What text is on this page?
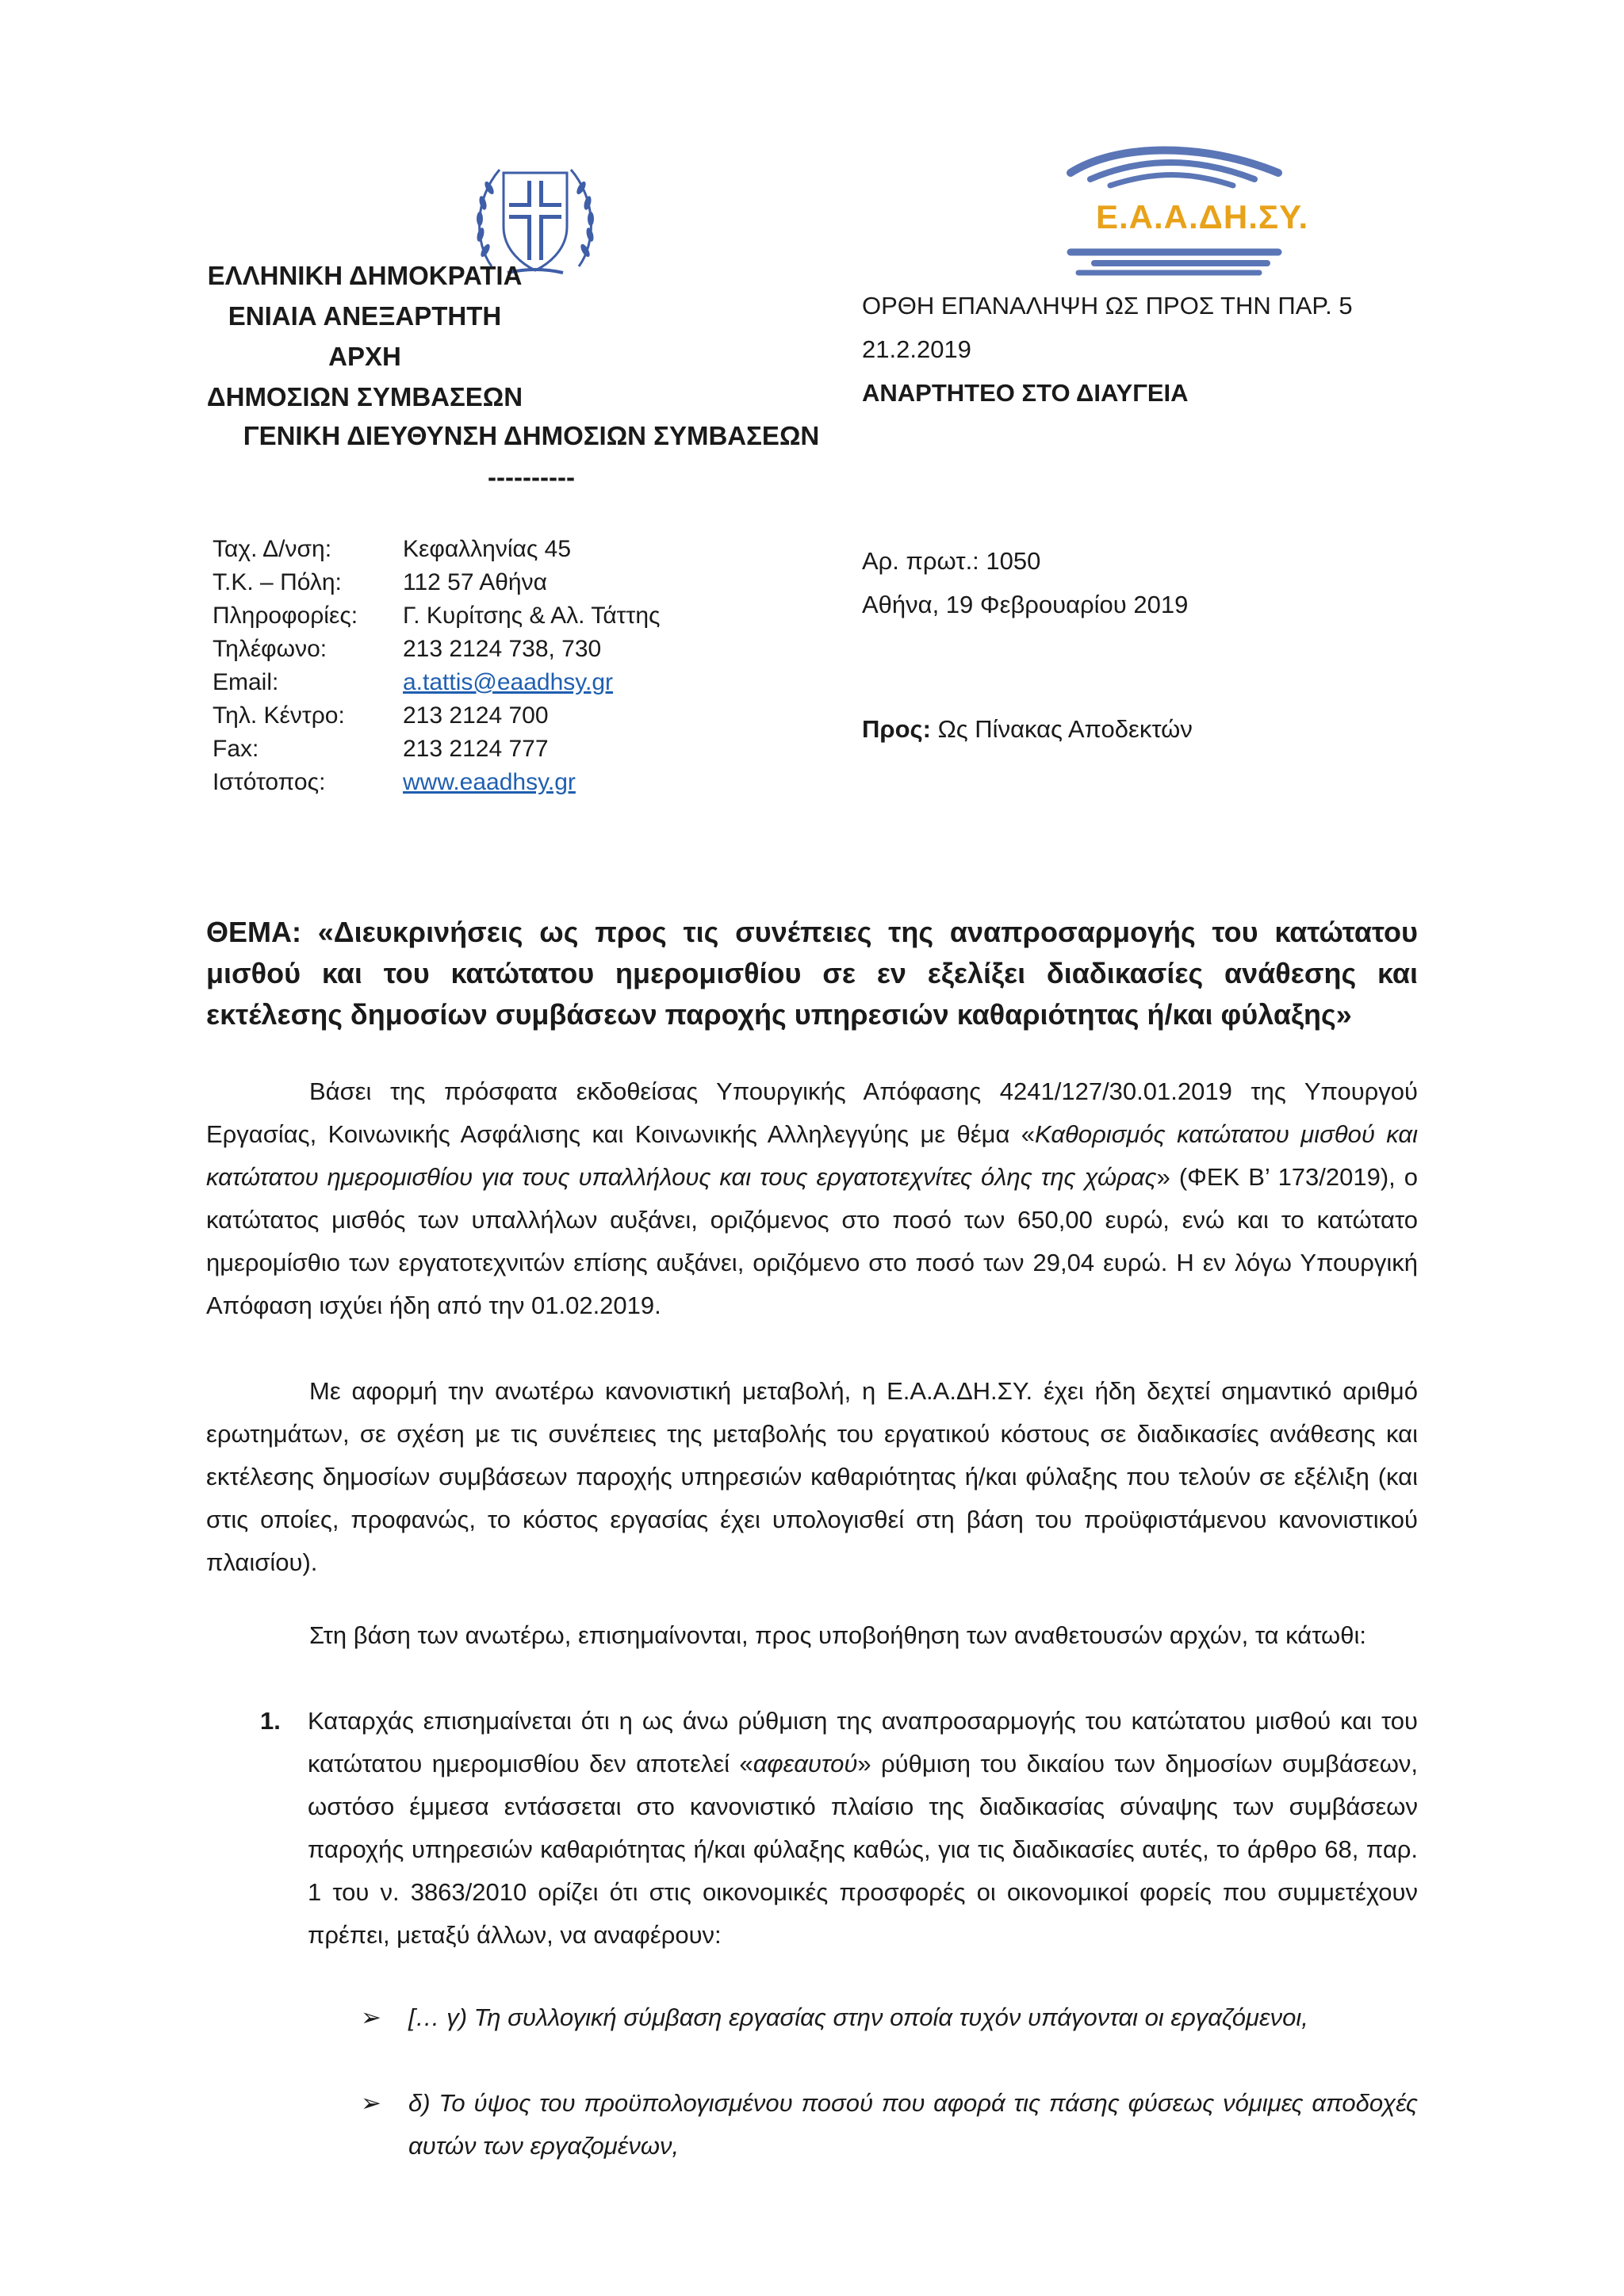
ΕΛΛΗΝΙΚΗ ΔΗΜΟΚΡΑΤΙΑ
ΕΝΙΑΙΑ ΑΝΕΞΑΡΤΗΤΗ ΑΡΧΗ
ΔΗΜΟΣΙΩΝ ΣΥΜΒΑΣΕΩΝ
ΓΕΝΙΚΗ ΔΙΕΥΘΥΝΣΗ ΔΗΜΟΣΙΩΝ ΣΥΜΒΑΣΕΩΝ
----------
Ε.Α.Α.ΔΗ.ΣΥ.
ΟΡΘΗ ΕΠΑΝΑΛΗΨΗ ΩΣ ΠΡΟΣ ΤΗΝ ΠΑΡ. 5
21.2.2019
ΑΝΑΡΤΗΤΕΟ ΣΤΟ ΔΙΑΥΓΕΙΑ
Αρ. πρωτ.: 1050
Αθήνα, 19 Φεβρουαρίου 2019
Προς: Ως Πίνακας Αποδεκτών
Ταχ. Δ/νση:	Κεφαλληνίας 45
Τ.Κ. – Πόλη:	112 57 Αθήνα
Πληροφορίες:	Γ. Κυρίτσης & Αλ. Τάττης
Τηλέφωνο:	213 2124 738, 730
Email:	a.tattis@eaadhsy.gr
Τηλ. Κέντρο:	213 2124 700
Fax:	213 2124 777
Ιστότοπος:	www.eaadhsy.gr
ΘΕΜΑ: «Διευκρινήσεις ως προς τις συνέπειες της αναπροσαρμογής του κατώτατου μισθού και του κατώτατου ημερομισθίου σε εν εξελίξει διαδικασίες ανάθεσης και εκτέλεσης δημοσίων συμβάσεων παροχής υπηρεσιών καθαριότητας ή/και φύλαξης»

Βάσει της πρόσφατα εκδοθείσας Υπουργικής Απόφασης 4241/127/30.01.2019 της Υπουργού Εργασίας, Κοινωνικής Ασφάλισης και Κοινωνικής Αλληλεγγύης με θέμα «Καθορισμός κατώτατου μισθού και κατώτατου ημερομισθίου για τους υπαλλήλους και τους εργατοτεχνίτες όλης της χώρας» (ΦΕΚ Β’ 173/2019), ο κατώτατος μισθός των υπαλλήλων αυξάνει, οριζόμενος στο ποσό των 650,00 ευρώ, ενώ και το κατώτατο ημερομίσθιο των εργατοτεχνιτών επίσης αυξάνει, οριζόμενο στο ποσό των 29,04 ευρώ. Η εν λόγω Υπουργική Απόφαση ισχύει ήδη από την 01.02.2019.

Με αφορμή την ανωτέρω κανονιστική μεταβολή, η Ε.Α.Α.ΔΗ.ΣΥ. έχει ήδη δεχτεί σημαντικό αριθμό ερωτημάτων, σε σχέση με τις συνέπειες της μεταβολής του εργατικού κόστους σε διαδικασίες ανάθεσης και εκτέλεσης δημοσίων συμβάσεων παροχής υπηρεσιών καθαριότητας ή/και φύλαξης που τελούν σε εξέλιξη (και στις οποίες, προφανώς, το κόστος εργασίας έχει υπολογισθεί στη βάση του προϋφιστάμενου κανονιστικού πλαισίου).

Στη βάση των ανωτέρω, επισημαίνονται, προς υποβοήθηση των αναθετουσών αρχών, τα κάτωθι:

1. Καταρχάς επισημαίνεται ότι η ως άνω ρύθμιση της αναπροσαρμογής του κατώτατου μισθού και του κατώτατου ημερομισθίου δεν αποτελεί «αφεαυτού» ρύθμιση του δικαίου των δημοσίων συμβάσεων, ωστόσο έμμεσα εντάσσεται στο κανονιστικό πλαίσιο της διαδικασίας σύναψης των συμβάσεων παροχής υπηρεσιών καθαριότητας ή/και φύλαξης καθώς, για τις διαδικασίες αυτές, το άρθρο 68, παρ. 1 του ν. 3863/2010 ορίζει ότι στις οικονομικές προσφορές οι οικονομικοί φορείς που συμμετέχουν πρέπει, μεταξύ άλλων, να αναφέρουν:
➢ [… γ) Τη συλλογική σύμβαση εργασίας στην οποία τυχόν υπάγονται οι εργαζόμενοι,
➢ δ) Το ύψος του προϋπολογισμένου ποσού που αφορά τις πάσης φύσεως νόμιμες αποδοχές αυτών των εργαζομένων,
